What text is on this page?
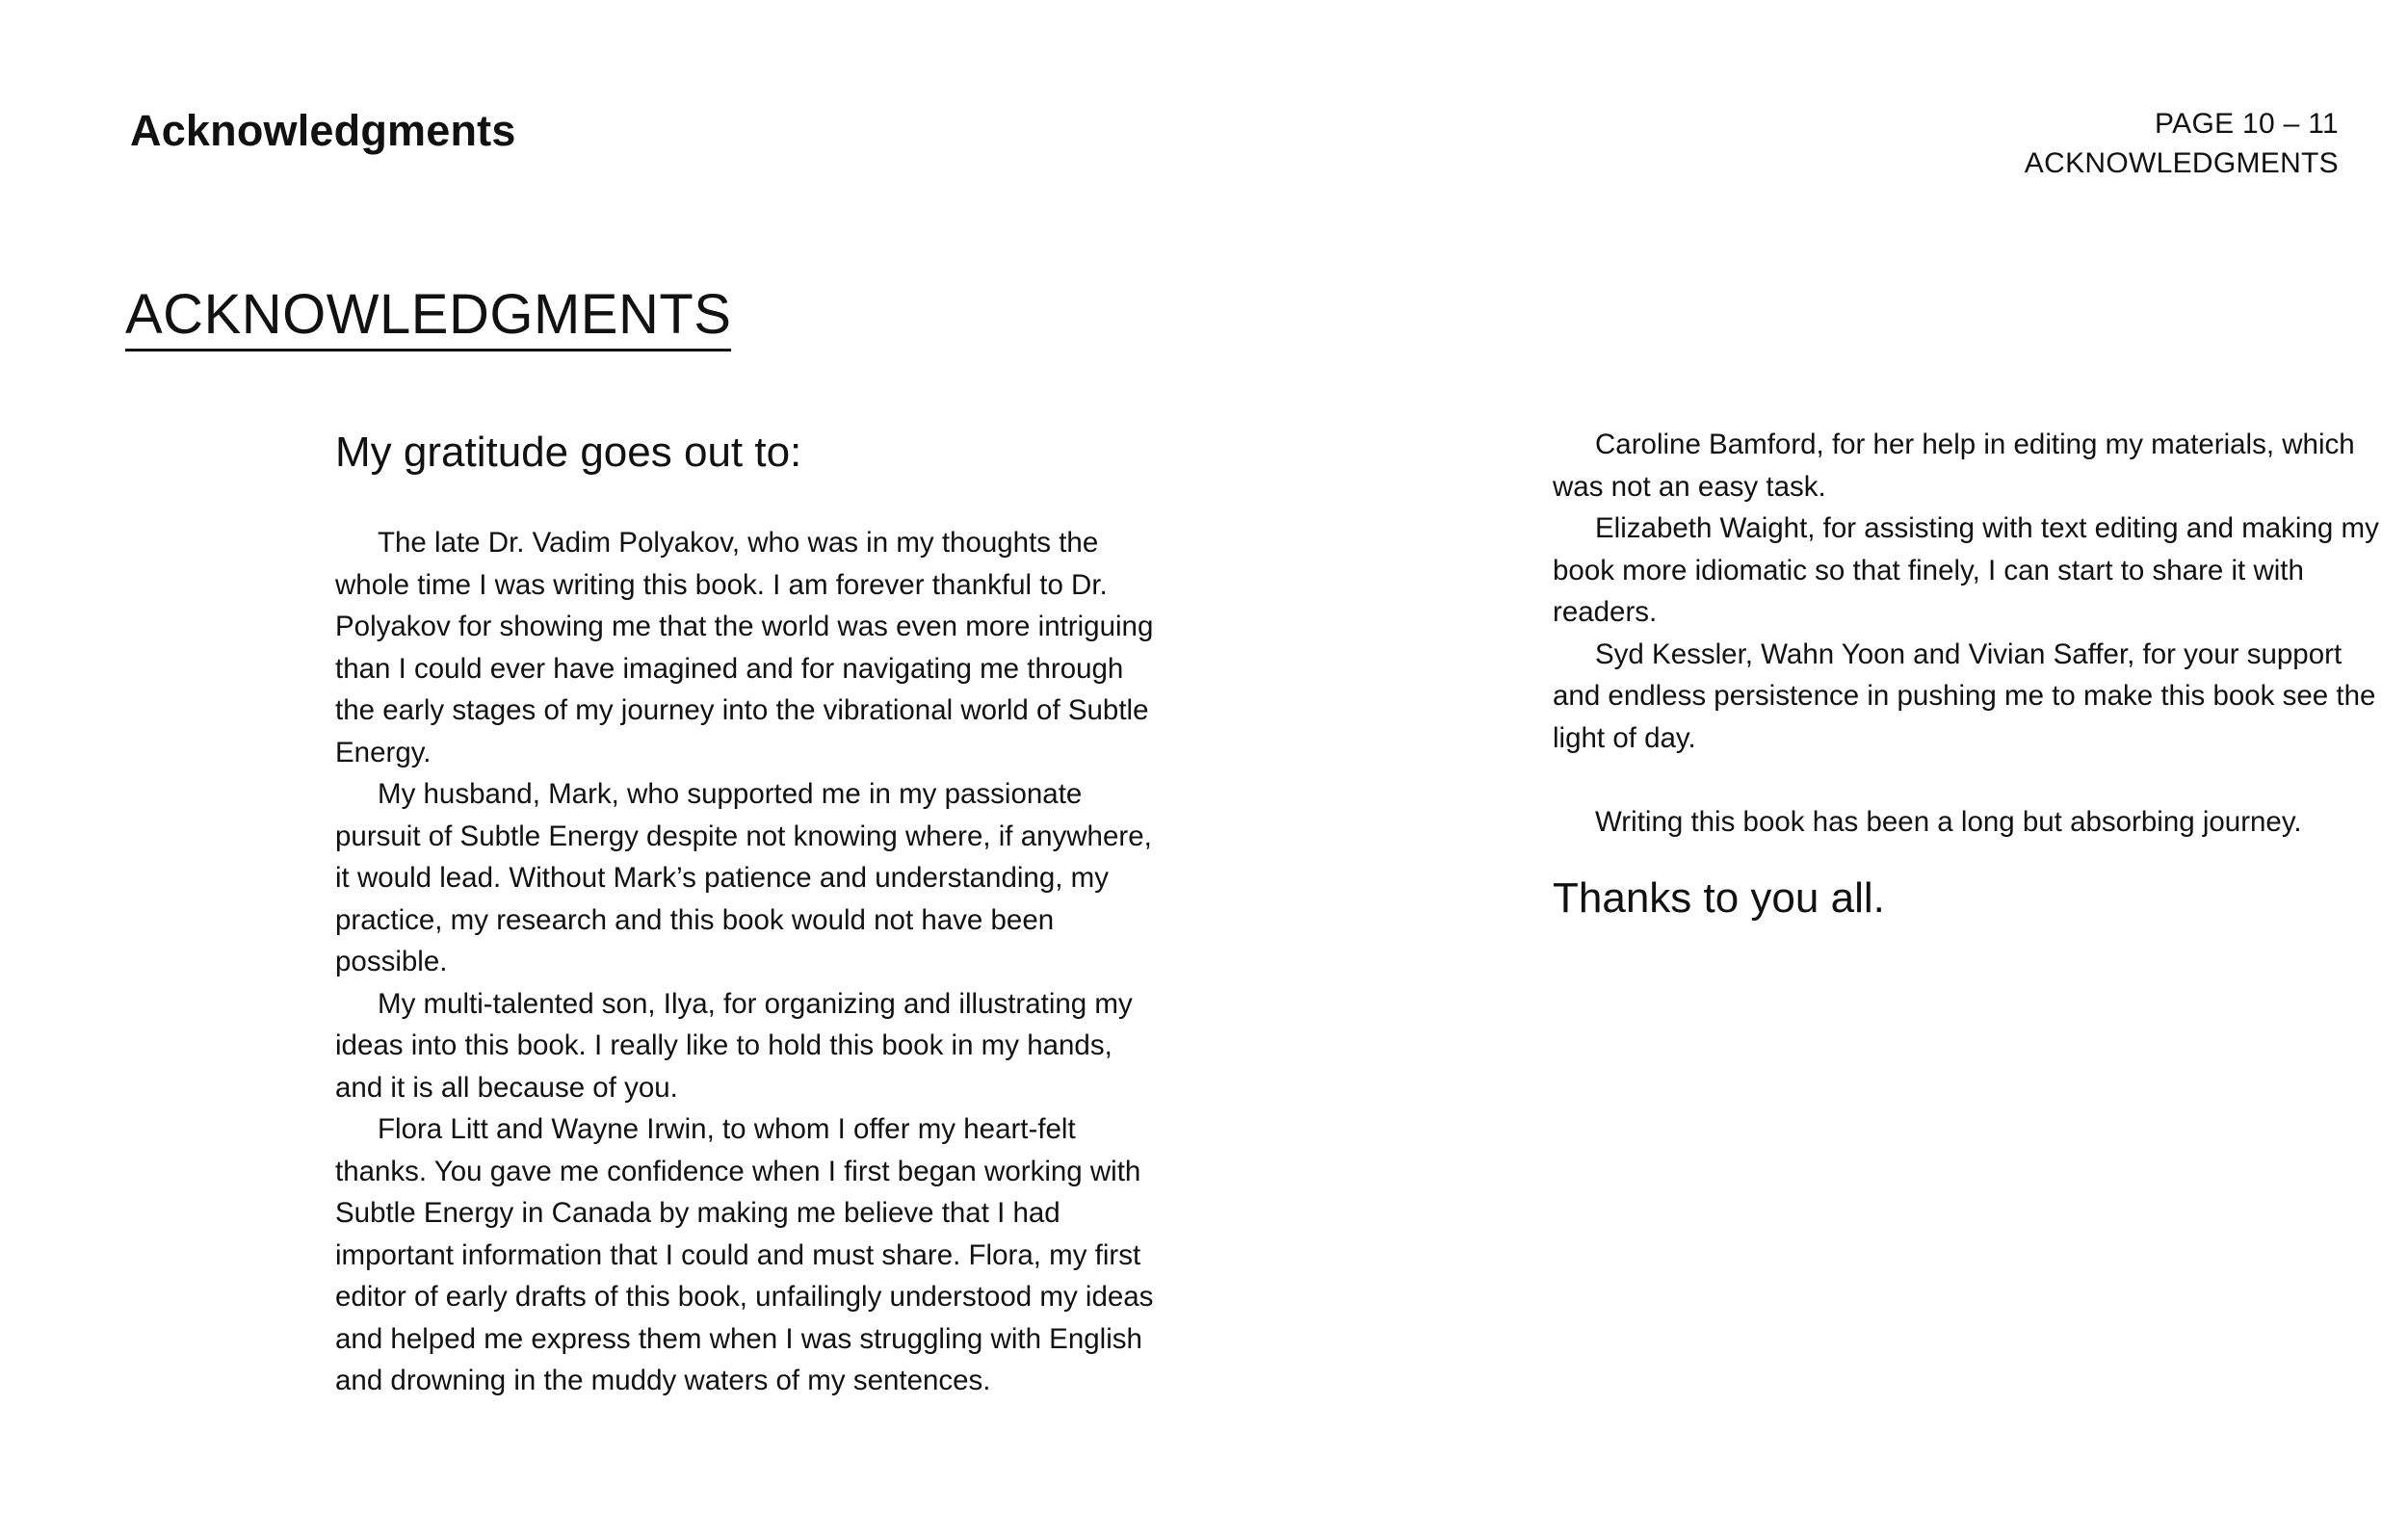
Acknowledgments	PAGE 10 – 11
ACKNOWLEDGMENTS
ACKNOWLEDGMENTS
My gratitude goes out to:

The late Dr. Vadim Polyakov, who was in my thoughts the whole time I was writing this book. I am forever thankful to Dr. Polyakov for showing me that the world was even more intriguing than I could ever have imagined and for navigating me through the early stages of my journey into the vibrational world of Subtle Energy.

My husband, Mark, who supported me in my passionate pursuit of Subtle Energy despite not knowing where, if anywhere, it would lead. Without Mark’s patience and understanding, my practice, my research and this book would not have been possible.

My multi-talented son, Ilya, for organizing and illustrating my ideas into this book. I really like to hold this book in my hands, and it is all because of you.

Flora Litt and Wayne Irwin, to whom I offer my heart-felt thanks. You gave me confidence when I first began working with Subtle Energy in Canada by making me believe that I had important information that I could and must share. Flora, my first editor of early drafts of this book, unfailingly understood my ideas and helped me express them when I was struggling with English and drowning in the muddy waters of my sentences.

Caroline Bamford, for her help in editing my materials, which was not an easy task.

Elizabeth Waight, for assisting with text editing and making my book more idiomatic so that finely, I can start to share it with readers.

Syd Kessler, Wahn Yoon and Vivian Saffer, for your support and endless persistence in pushing me to make this book see the light of day.

Writing this book has been a long but absorbing journey.

Thanks to you all.
